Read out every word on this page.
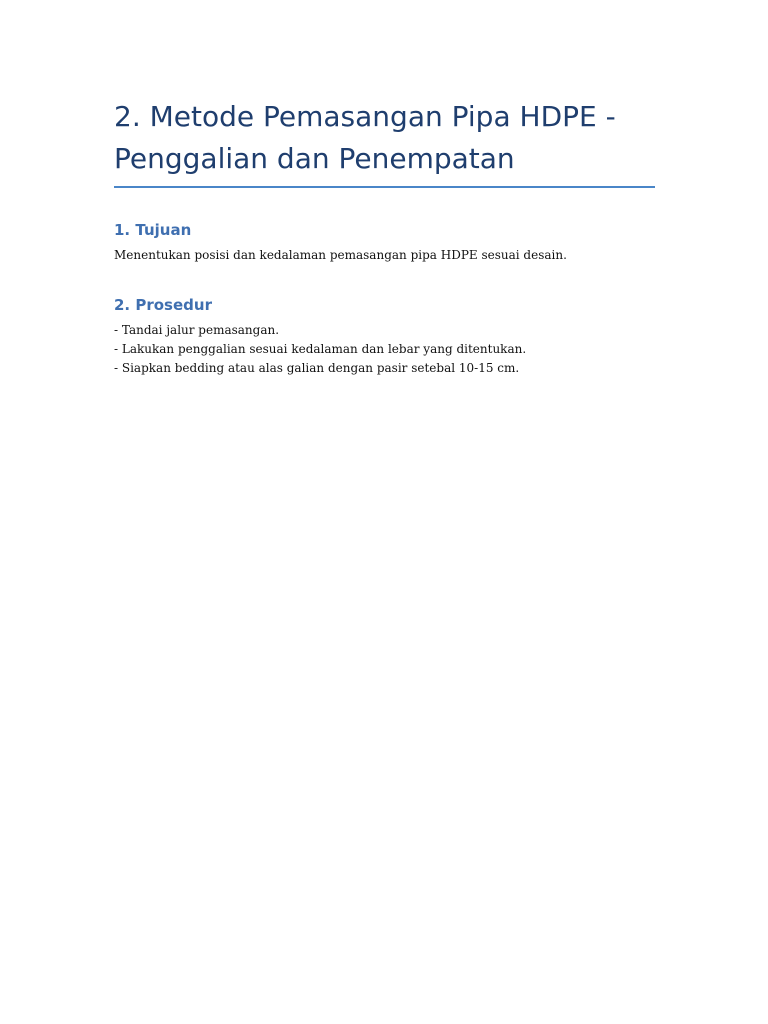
2. Metode Pemasangan Pipa HDPE - Penggalian dan Penempatan
1. Tujuan

Menentukan posisi dan kedalaman pemasangan pipa HDPE sesuai desain.

2. Prosedur
- Tandai jalur pemasangan.
- Lakukan penggalian sesuai kedalaman dan lebar yang ditentukan.
- Siapkan bedding atau alas galian dengan pasir setebal 10-15 cm.
